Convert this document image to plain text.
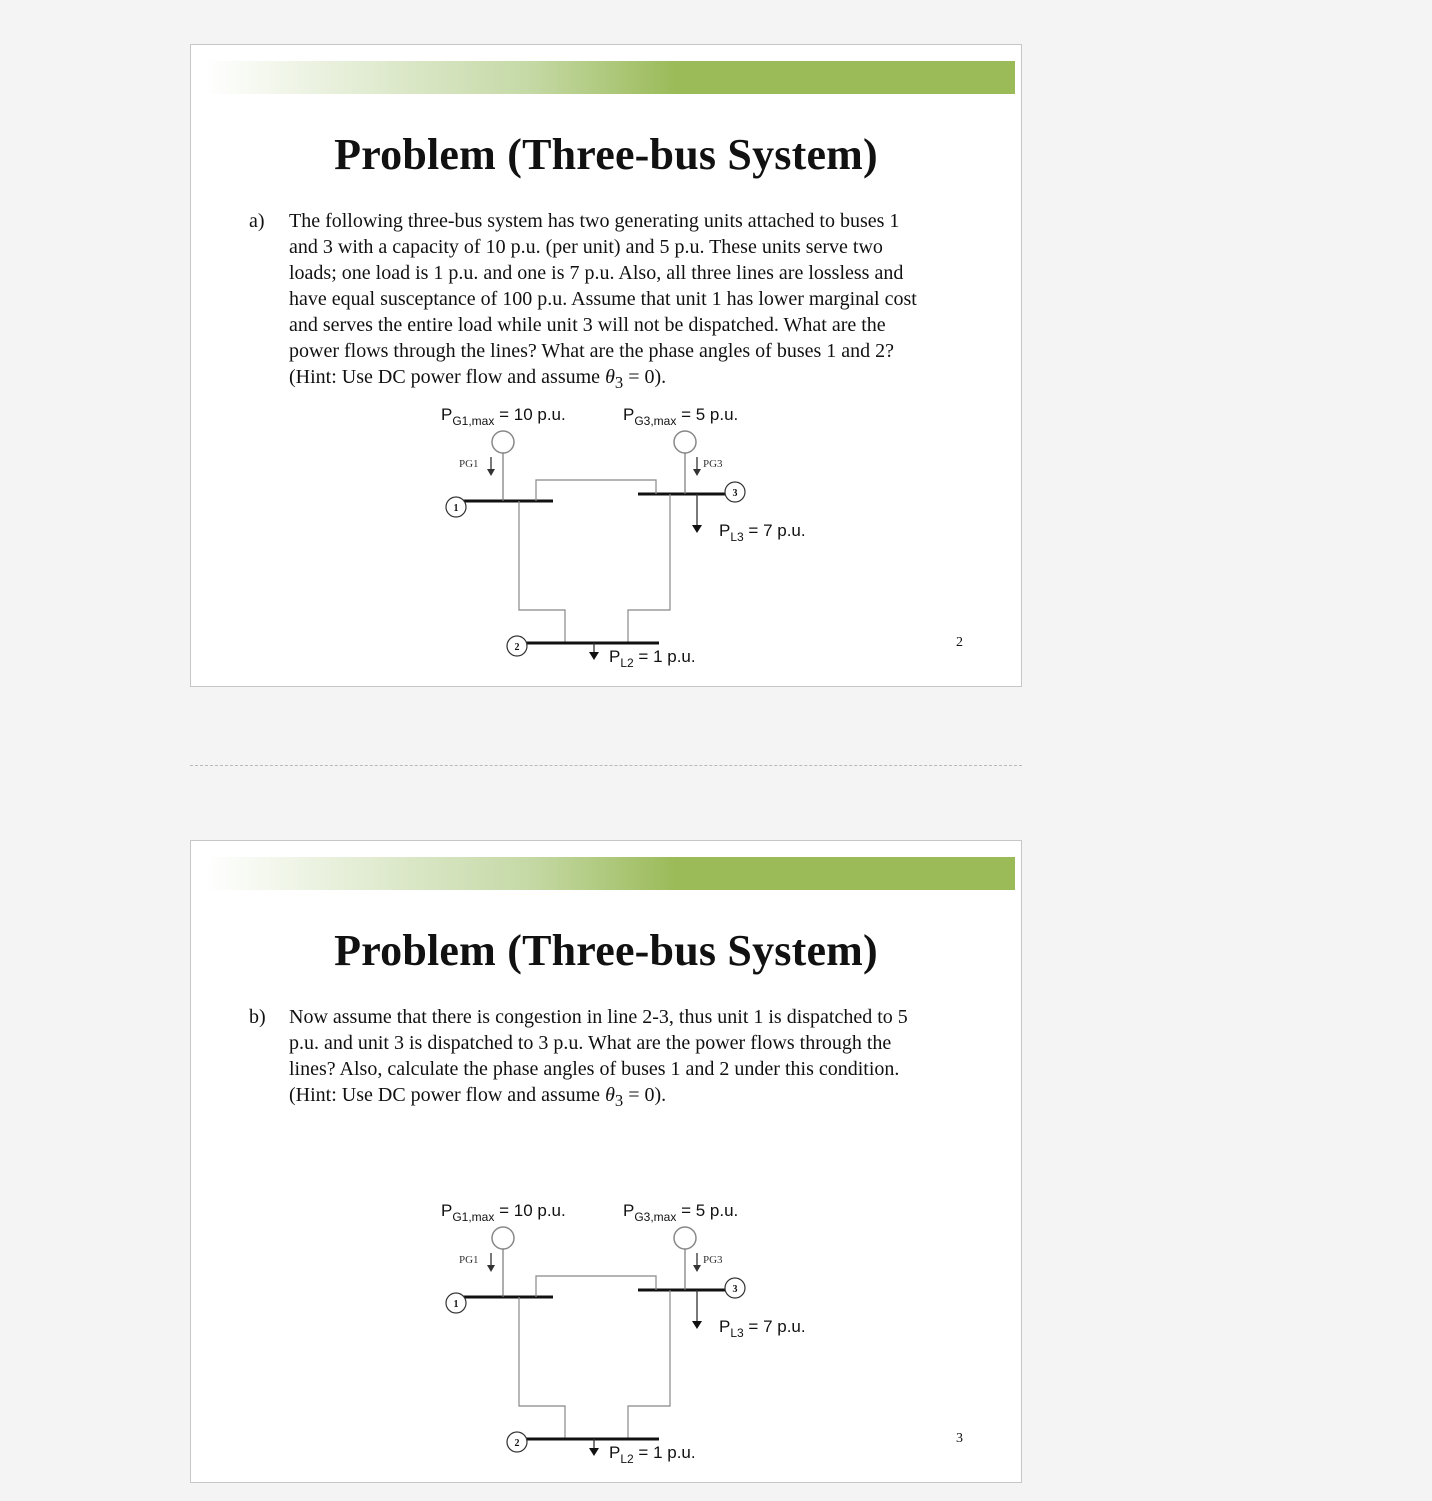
Problem (Three-bus System)
a) The following three-bus system has two generating units attached to buses 1
and 3 with a capacity of 10 p.u. (per unit) and 5 p.u. These units serve two
loads; one load is 1 p.u. and one is 7 p.u. Also, all three lines are lossless and
have equal susceptance of 100 p.u. Assume that unit 1 has lower marginal cost
and serves the entire load while unit 3 will not be dispatched. What are the
power flows through the lines? What are the phase angles of buses 1 and 2?
(Hint: Use DC power flow and assume $\theta_3 = 0$).
$P_{G1,max} = 10$ p.u.	$P_{G3,max} = 5$ p.u.
PG1	PG3
1
3
$P_{L3} = 7$ p.u.
2	$P_{L2} = 1$ p.u.
2
Problem (Three-bus System)
b) Now assume that there is congestion in line 2-3, thus unit 1 is dispatched to 5
p.u. and unit 3 is dispatched to 3 p.u. What are the power flows through the
lines? Also, calculate the phase angles of buses 1 and 2 under this condition.
(Hint: Use DC power flow and assume $\theta_3 = 0$).
$P_{G1,max} = 10$ p.u.	$P_{G3,max} = 5$ p.u.
PG1	PG3
1
3
$P_{L3} = 7$ p.u.
2	$P_{L2} = 1$ p.u.
3
